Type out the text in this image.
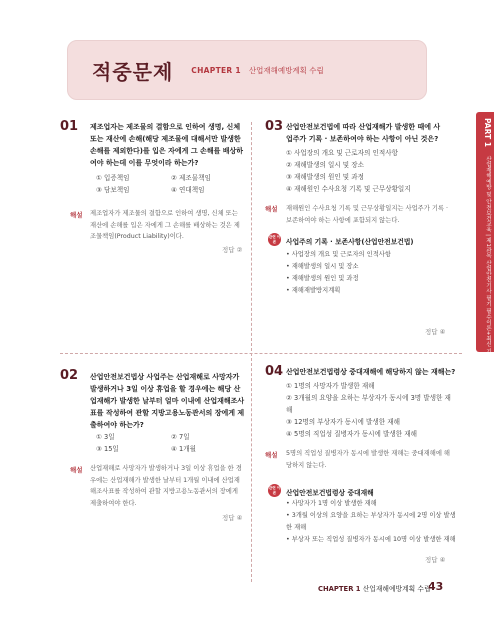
적중문제 CHAPTER 1 산업재해예방계획 수립
PART 1
산업재해예방 및 안전보건교육 | 제1과목 산업안전기사 필기 필수이론+최신 기출문제
01 제조업자는 제조물의 결함으로 인하여 생명, 신체 또는 재산에 손해(해당 제조물에 대해서만 발생한 손해를 제외한다)를 입은 자에게 그 손해를 배상하여야 하는데 이를 무엇이라 하는가?
① 입증책임	② 제조물책임
③ 담보책임	④ 연대책임
해설 제조업자가 제조물의 결함으로 인하여 생명, 신체 또는 재산에 손해를 입은 자에게 그 손해를 배상하는 것은 제조물책임(Product Liability)이다.
정답 ②
03 산업안전보건법에 따라 산업재해가 발생한 때에 사업주가 기록 · 보존하여야 하는 사항이 아닌 것은?
① 사업장의 개요 및 근로자의 인적사항
② 재해발생의 일시 및 장소
③ 재해발생의 원인 및 과정
④ 재해원인 수사요청 기록 및 근무상황일지
해설 재해원인 수사요청 기록 및 근무상황일지는 사업주가 기록 · 보존하여야 하는 사항에 포함되지 않는다.
관련 이론	사업주의 기록 · 보존사항(산업안전보건법)
• 사업장의 개요 및 근로자의 인적사항
• 재해발생의 일시 및 장소
• 재해발생의 원인 및 과정
• 재해재발방지계획
정답 ④
02 산업안전보건법상 사업주는 산업재해로 사망자가 발생하거나 3일 이상 휴업을 할 경우에는 해당 산업재해가 발생한 날부터 얼마 이내에 산업재해조사표를 작성하여 관할 지방고용노동관서의 장에게 제출하여야 하는가?
① 3일	② 7일
③ 15일	④ 1개월
해설 산업재해로 사망자가 발생하거나 3일 이상 휴업을 한 경우에는 산업재해가 발생한 날부터 1개월 이내에 산업재해조사표를 작성하여 관할 지방고용노동관서의 장에게 제출하여야 한다.
정답 ④
04 산업안전보건법령상 중대재해에 해당하지 않는 재해는?
① 1명의 사망자가 발생한 재해
② 3개월의 요양을 요하는 부상자가 동시에 3명 발생한 재해
③ 12명의 부상자가 동시에 발생한 재해
④ 5명의 직업성 질병자가 동시에 발생한 재해
해설 5명의 직업성 질병자가 동시에 발생한 재해는 중대재해에 해당하지 않는다.
관련 이론	산업안전보건법령상 중대재해
• 사망자가 1명 이상 발생한 재해
• 3개월 이상의 요양을 요하는 부상자가 동시에 2명 이상 발생한 재해
• 부상자 또는 직업성 질병자가 동시에 10명 이상 발생한 재해
정답 ④
CHAPTER 1 산업재해예방계획 수립
43
